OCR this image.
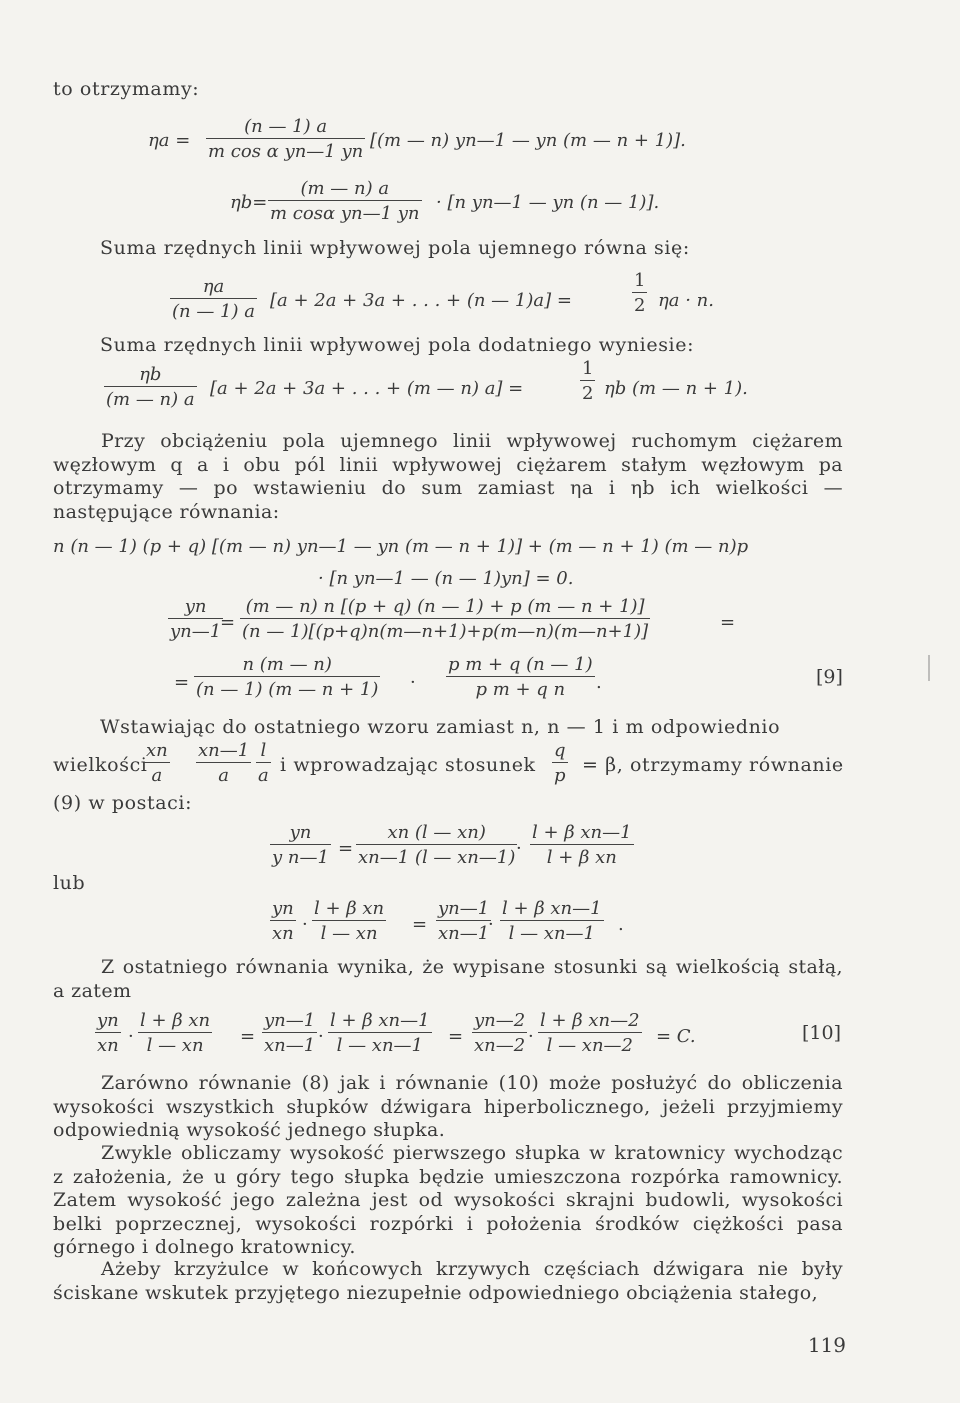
to otrzymamy:
$\eta a = \frac{(n — 1) a}{\text{m cos α yn—1 yn}} [(m$ — n) yn—1 — yn (m — n + 1)].
$\eta b= \frac{(m — n) a}{\text{m cosα yn—1 yn}} \cdot [n$ yn—1 — yn (n — 1)].
Suma rzędnych linii wpływowej pola ujemnego równa się:
$\frac{\eta a}{(n — 1) a} [a + 2a + 3a$ + . . . + (n — 1)a] =	$\frac{1}{2}$ ηa · n.
Suma rzędnych linii wpływowej pola dodatniego wyniesie:
$\frac{\eta b}{(m — n) a} [a + 2a + 3a$ + . . . + (m — n) a] =	$\frac{1}{2}$ ηb (m — n + 1).
Przy obciążeniu pola ujemnego linii wpływowej ruchomym ciężarem węzłowym q a i obu pól linii wpływowej ciężarem stałym węzłowym pa otrzymamy — po wstawieniu do sum zamiast ηa i ηb ich wielkości — następujące równania:
n (n — 1) (p + q) [(m — n) yn—1 — yn (m — n + 1)] + (m — n + 1) (m — n)p
· [n yn—1 — (n — 1)yn] = 0.
$\frac{yn}{yn—1}$
= $\frac{(m — n) n [(p + q) (n — 1) + p (m — n + 1)]}{(n — 1)[(p+q)n(m—n+1)+p(m—n)(m—n+1)]}$	=
= $\frac{n (m — n)}{(n — 1) (m — n + 1)} \cdot \frac{\text{p m + q (n — 1)}}{\text{p m + q n}}$ .	[9]
Wstawiając do ostatniego wzoru zamiast n, n — 1 i m odpowiednio
wielkości
$\frac{xn}{a} \frac{xn—1}{a} \frac{l}{a}$ i wprowadzając stosunek $\frac{q}{p} = \beta$, otrzymamy równanie
(9) w postaci:
$\frac{yn}{\text{y n—1}} = \frac{xn (l — xn)}{xn—1 (l — xn—1)}$
· $\frac{\text{l + β xn—1}}{\text{l + β xn}}$
lub
$\frac{yn}{xn} \cdot \frac{\text{l + β xn}}{l — xn} = \frac{yn—1}{xn—1}$
· $\frac{\text{l + β xn—1}}{l — xn—1}$ .
Z ostatniego równania wynika, że wypisane stosunki są wielkością stałą, a zatem
$\frac{yn}{xn} \cdot \frac{\text{l + β xn}}{l — xn} = \frac{yn—1}{xn—1} \cdot \frac{\text{l + β xn—1}}{l — xn—1} = \frac{yn—2}{xn—2} \cdot \frac{\text{l + β xn—2}}{l — xn—2} = C$.	[10]
Zarówno równanie (8) jak i równanie (10) może posłużyć do obliczenia wysokości wszystkich słupków dźwigara hiperbolicznego, jeżeli przyjmiemy odpowiednią wysokość jednego słupka.
Zwykle obliczamy wysokość pierwszego słupka w kratownicy wychodząc z założenia, że u góry tego słupka będzie umieszczona rozpórka ramownicy. Zatem wysokość jego zależna jest od wysokości skrajni budowli, wysokości belki poprzecznej, wysokości rozpórki i położenia środków ciężkości pasa górnego i dolnego kratownicy.
Ażeby krzyżulce w końcowych krzywych częściach dźwigara nie były ściskane wskutek przyjętego niezupełnie odpowiedniego obciążenia stałego,
119
